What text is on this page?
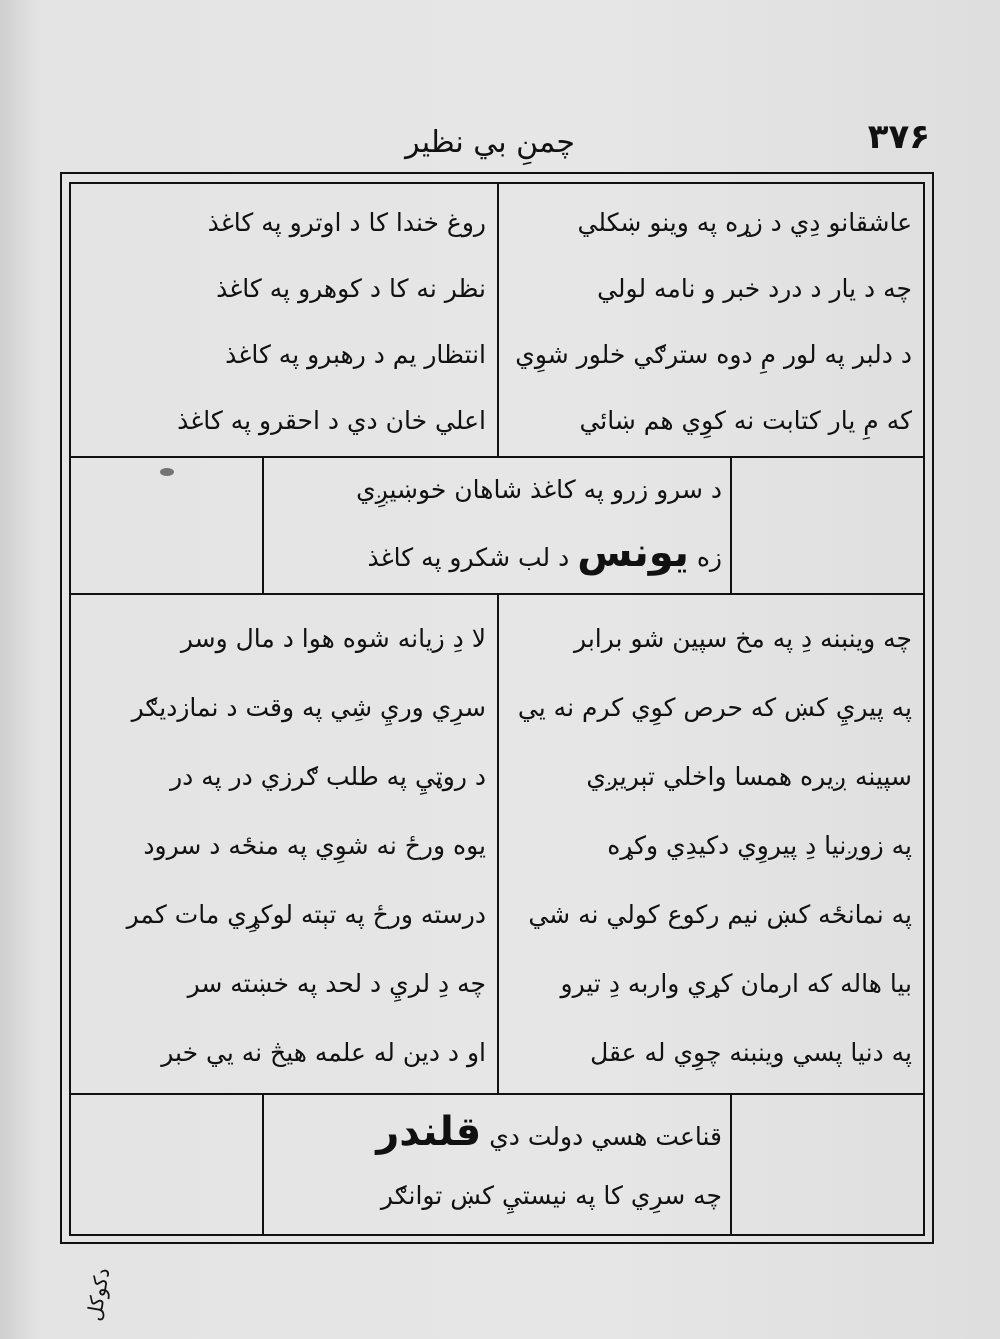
چمنِ بي نظير	۳۷۶
عاشقانو دِي د زړه په وينو ښکلي
چه د يار د درد خبر و نامه لولي
د دلبر په لور مِ دوه سترګي خلور شوِي
که مِ يار کتابت نه کوِي هم ښائي
روغ خندا کا د اوترو په کاغذ
نظر نه کا د کوهرو په کاغذ
انتظار يم د رهبرو په کاغذ
اعلي خان دي د احقرو په کاغذ
د سرو زرو په کاغذ شاهان خوښيږِي
زه يونس د لب شکرو په کاغذ
چه وينبنه دِ په مخ سپين شو برابر
په پيريِ کښ که حرص کوِي کرم نه يي
سپينه ږيره همسا واخلي تېريږي
په زوږنيا دِ پيروِي دکيدِي وکړه
په نمانځه کښ نيم رکوع کولي نه شي
بيا هاله که ارمان کړي واربه دِ تيرو
په دنيا پسي وينبنه چوِي له عقل
لا دِ زيانه شوه هوا د مال وسر
سرِي وريِ شِي په وقت د نمازديګر
د روټيِ په طلب ګرزي در په در
يوه ورځ نه شوِي په منځه د سرود
درسته ورځ په تېته لوکړِي مات کمر
چه دِ لريِ د لحد په خښته سر
او د دين له علمه هيڅ نه يي خبر
قناعت هسي دولت دي قلندر
چه سرِي کا په نيستيِ کښ توانګر
دکوکل
